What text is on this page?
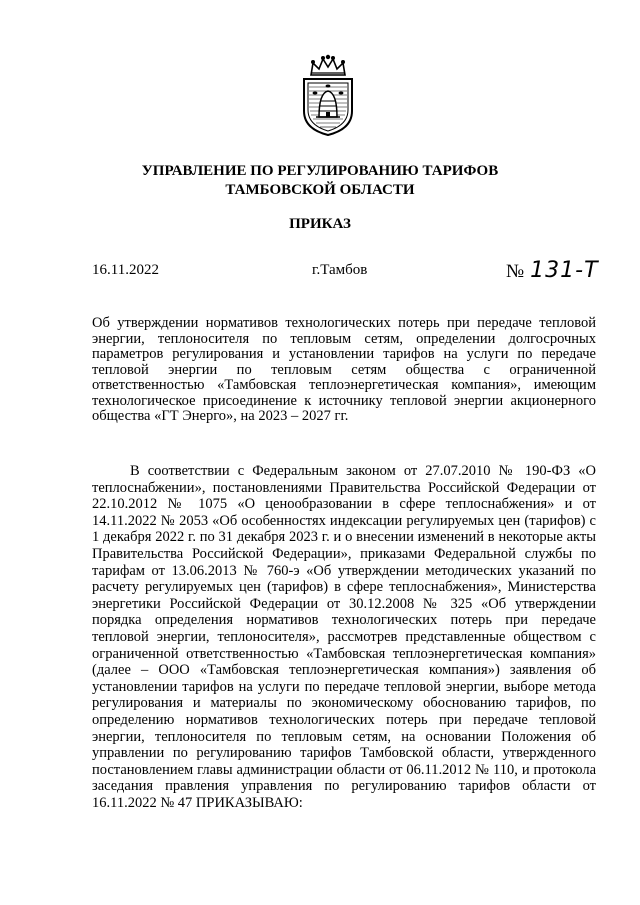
УПРАВЛЕНИЕ ПО РЕГУЛИРОВАНИЮ ТАРИФОВ
ТАМБОВСКОЙ ОБЛАСТИ
ПРИКАЗ
16.11.2022	г.Тамбов	№ 131-Т
Об утверждении нормативов технологических потерь при передаче тепловой энергии, теплоносителя по тепловым сетям, определении долгосрочных параметров регулирования и установлении тарифов на услуги по передаче тепловой энергии по тепловым сетям общества с ограниченной ответственностью «Тамбовская теплоэнергетическая компания», имеющим технологическое присоединение к источнику тепловой энергии акционерного общества «ГТ Энерго», на 2023 – 2027 гг.
В соответствии с Федеральным законом от 27.07.2010 № 190-ФЗ «О теплоснабжении», постановлениями Правительства Российской Федерации от 22.10.2012 № 1075 «О ценообразовании в сфере теплоснабжения» и от 14.11.2022 № 2053 «Об особенностях индексации регулируемых цен (тарифов) с 1 декабря 2022 г. по 31 декабря 2023 г. и о внесении изменений в некоторые акты Правительства Российской Федерации», приказами Федеральной службы по тарифам от 13.06.2013 № 760-э «Об утверждении методических указаний по расчету регулируемых цен (тарифов) в сфере теплоснабжения», Министерства энергетики Российской Федерации от 30.12.2008 № 325 «Об утверждении порядка определения нормативов технологических потерь при передаче тепловой энергии, теплоносителя», рассмотрев представленные обществом с ограниченной ответственностью «Тамбовская теплоэнергетическая компания» (далее – ООО «Тамбовская теплоэнергетическая компания») заявления об установлении тарифов на услуги по передаче тепловой энергии, выборе метода регулирования и материалы по экономическому обоснованию тарифов, по определению нормативов технологических потерь при передаче тепловой энергии, теплоносителя по тепловым сетям, на основании Положения об управлении по регулированию тарифов Тамбовской области, утвержденного постановлением главы администрации области от 06.11.2012 № 110, и протокола заседания правления управления по регулированию тарифов области от 16.11.2022 № 47 ПРИКАЗЫВАЮ:
